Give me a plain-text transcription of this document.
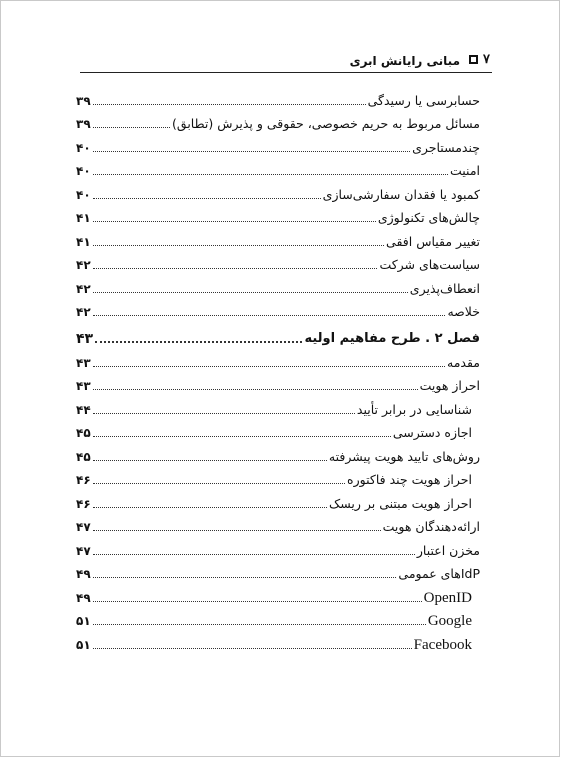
۷
مبانی رایانش ابری
حسابرسی یا رسیدگی
۳۹
مسائل مربوط به حریم خصوصی، حقوقی و پذیرش (تطابق)
۳۹
چندمستاجری
۴۰
امنیت
۴۰
کمبود یا فقدان سفارشی‌سازی
۴۰
چالش‌های تکنولوژی
۴۱
تغییر مقیاس افقی
۴۱
سیاست‌های شرکت
۴۲
انعطاف‌پذیری
۴۲
خلاصه
۴۲
فصل ۲ . طرح مفاهیم اولیه
۴۳
مقدمه
۴۳
احراز هویت
۴۳
شناسایی در برابر تأیید
۴۴
اجازه دسترسی
۴۵
روش‌های تایید هویت پیشرفته
۴۵
احراز هویت چند فاکتوره
۴۶
احراز هویت مبتنی بر ریسک
۴۶
ارائه‌دهندگان هویت
۴۷
مخزن اعتبار
۴۷
IdPهای عمومی
۴۹
OpenID
۴۹
Google
۵۱
Facebook
۵۱
